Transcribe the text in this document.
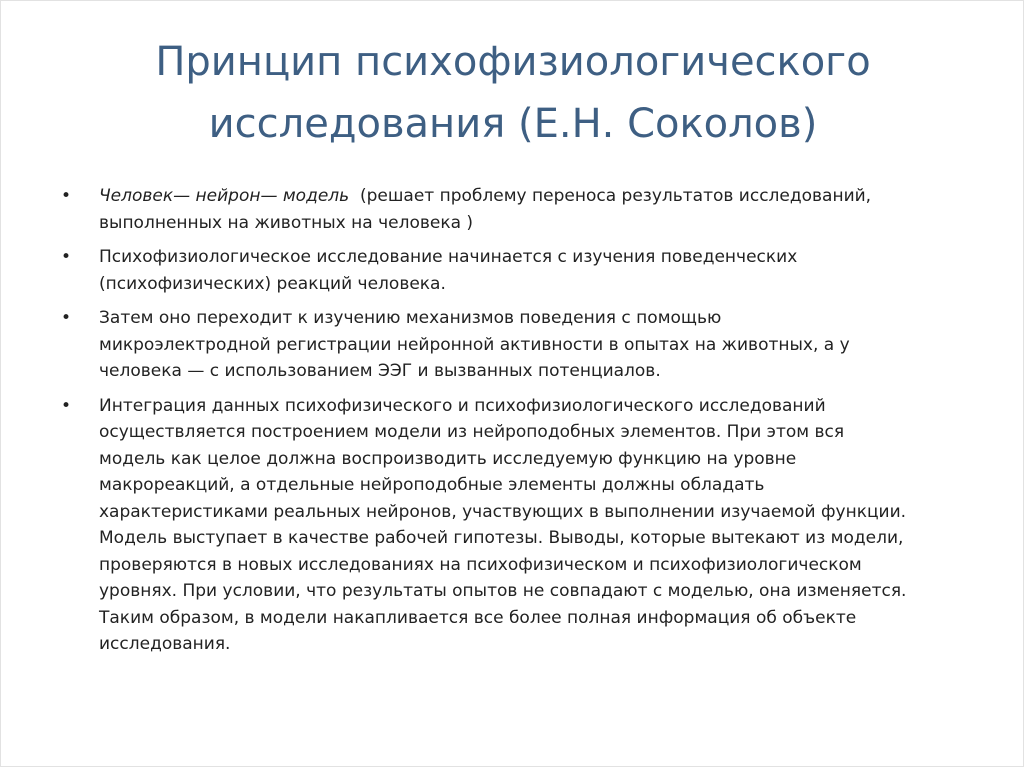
Принцип психофизиологического
исследования (Е.Н. Соколов)
• Человек— нейрон— модель  (решает проблему переноса результатов исследований,
выполненных на животных на человека )
• Психофизиологическое исследование начинается с изучения поведенческих
(психофизических) реакций человека.
• Затем оно переходит к изучению механизмов поведения с помощью
микроэлектродной регистрации нейронной активности в опытах на животных, а у
человека — с использованием ЭЭГ и вызванных потенциалов.
• Интеграция данных психофизического и психофизиологического исследований
осуществляется построением модели из нейроподобных элементов. При этом вся
модель как целое должна воспроизводить исследуемую функцию на уровне
макрореакций, а отдельные нейроподобные элементы должны обладать
характеристиками реальных нейронов, участвующих в выполнении изучаемой функции.
Модель выступает в качестве рабочей гипотезы. Выводы, которые вытекают из модели,
проверяются в новых исследованиях на психофизическом и психофизиологическом
уровнях. При условии, что результаты опытов не совпадают с моделью, она изменяется.
Таким образом, в модели накапливается все более полная информация об объекте
исследования.
